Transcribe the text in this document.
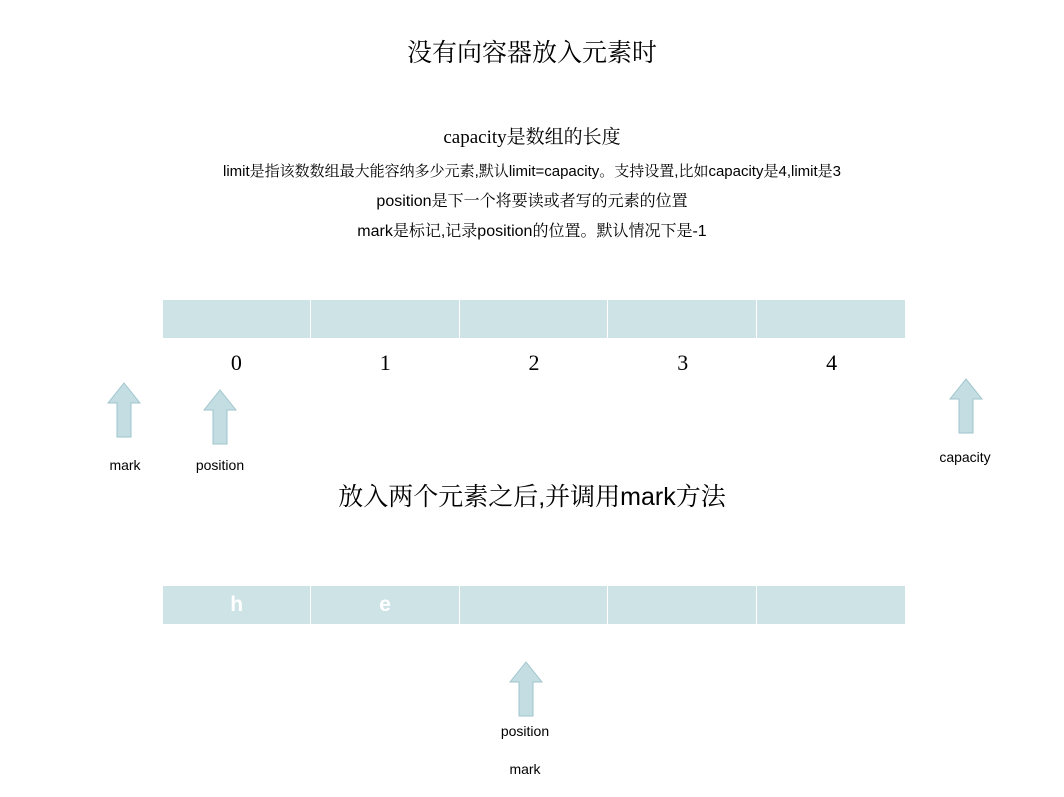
没有向容器放入元素时
capacity是数组的长度
limit是指该数数组最大能容纳多少元素,默认limit=capacity。支持设置,比如capacity是4,limit是3
position是下一个将要读或者写的元素的位置
mark是标记,记录position的位置。默认情况下是-1
0	1	2	3	4
mark	position	capacity
放入两个元素之后,并调用mark方法
h	e
position
mark
